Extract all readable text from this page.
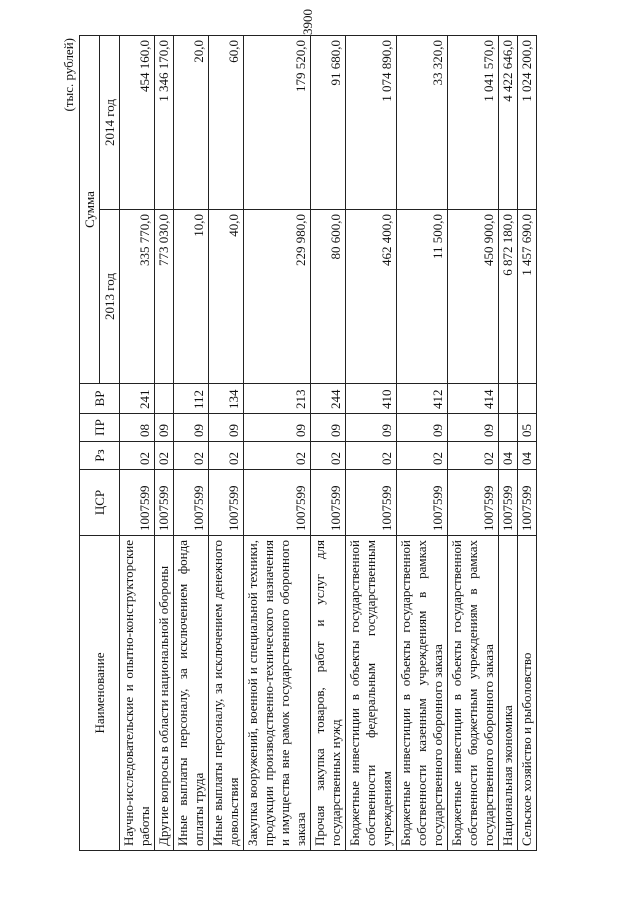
3900
(тыс. рублей)
Наименование	ЦСР	Рз	ПР	ВР	Сумма	
					2013 год	2014 год
Научно-исследовательские и опытно-конструкторские работы	1007599	02	08	241	335 770,0	454 160,0
Другие вопросы в области национальной обороны	1007599	02	09		773 030,0	1 346 170,0
Иные выплаты персоналу, за исключением фонда оплаты труда	1007599	02	09	112	10,0	20,0
Иные выплаты персоналу, за исключением денежного довольствия	1007599	02	09	134	40,0	60,0
Закупка вооружений, военной и специальной техники, продукции производственно-технического назначения и имущества вне рамок государственного оборонного заказа	1007599	02	09	213	229 980,0	179 520,0
Прочая закупка товаров, работ и услуг для государственных нужд	1007599	02	09	244	80 600,0	91 680,0
Бюджетные инвестиции в объекты государственной собственности федеральным государственным учреждениям	1007599	02	09	410	462 400,0	1 074 890,0
Бюджетные инвестиции в объекты государственной собственности казенным учреждениям в рамках государственного оборонного заказа	1007599	02	09	412	11 500,0	33 320,0
Бюджетные инвестиции в объекты государственной собственности бюджетным учреждениям в рамках государственного оборонного заказа	1007599	02	09	414	450 900,0	1 041 570,0
Национальная экономика	1007599	04			6 872 180,0	4 422 646,0
Сельское хозяйство и рыболовство	1007599	04	05		1 457 690,0	1 024 200,0
